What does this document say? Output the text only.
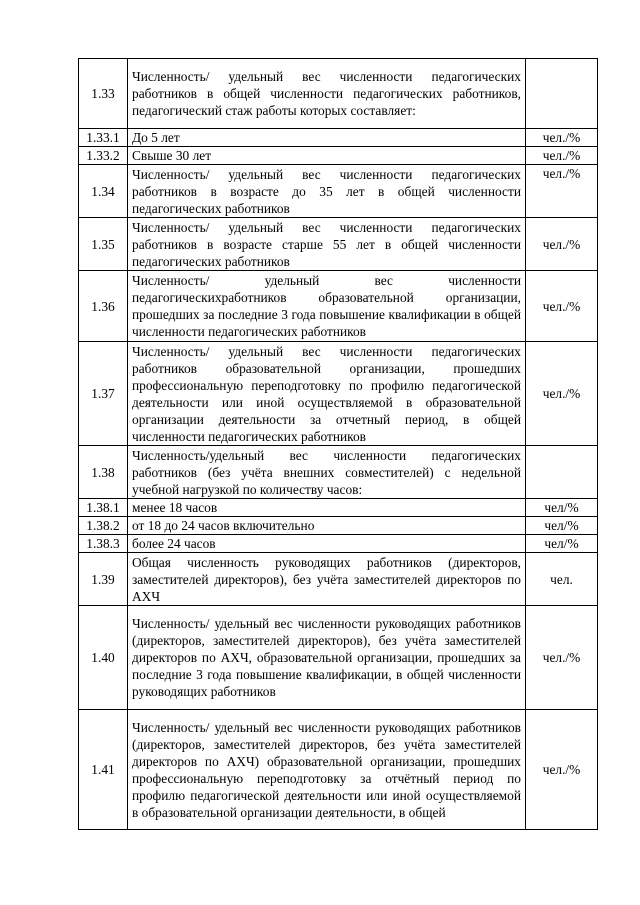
1.33	Численность/ удельный вес численности педагогических работников в общей численности педагогических работников, педагогический стаж работы которых составляет:	
1.33.1	До 5 лет	чел./%
1.33.2	Свыше 30 лет	чел./%
1.34	Численность/ удельный вес численности педагогических работников в возрасте до 35 лет в общей численности педагогических работников	чел./%
1.35	Численность/ удельный вес численности педагогических работников в возрасте старше 55 лет в общей численности педагогических работников	чел./%
1.36	Численность/ удельный вес численности педагогическихработников образовательной организации, прошедших за последние 3 года повышение квалификации в общей численности педагогических работников	чел./%
1.37	Численность/ удельный вес численности педагогических работников образовательной организации, прошедших профессиональную переподготовку по профилю педагогической деятельности или иной осуществляемой в образовательной организации деятельности за отчетный период, в общей численности педагогических работников	чел./%
1.38	Численность/удельный вес численности педагогических работников (без учёта внешних совместителей) с недельной учебной нагрузкой по количеству часов:	
1.38.1	менее 18 часов	чел/%
1.38.2	от 18 до 24 часов включительно	чел/%
1.38.3	более 24 часов	чел/%
1.39	Общая численность руководящих работников (директоров, заместителей директоров), без учёта заместителей директоров по АХЧ	чел.
1.40	Численность/ удельный вес численности руководящих работников (директоров, заместителей директоров), без учёта заместителей директоров по АХЧ, образовательной организации, прошедших за последние 3 года повышение квалификации, в общей численности руководящих работников	чел./%
1.41	Численность/ удельный вес численности руководящих работников (директоров, заместителей директоров, без учёта заместителей директоров по АХЧ) образовательной организации, прошедших профессиональную переподготовку за отчётный период по профилю педагогической деятельности или иной осуществляемой в образовательной организации деятельности, в общей	чел./%
